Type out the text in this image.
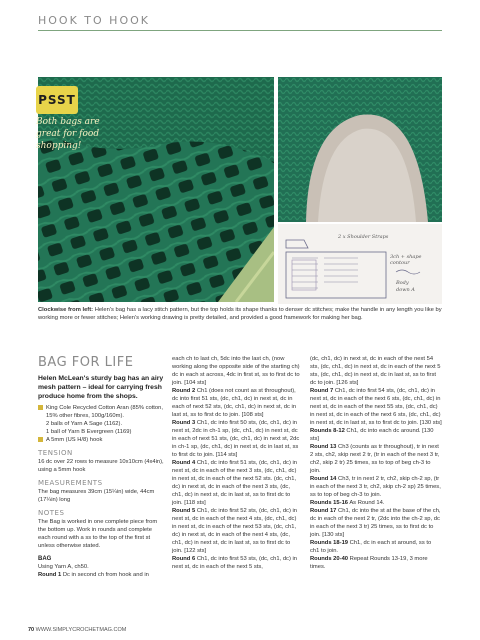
HOOK TO HOOK
PSST
Both bags are great for food shopping!
2 x Shoulder Straps
3ch + shape contour
Body
down A
Clockwise from left: Helen's bag has a lacy stitch pattern, but the top holds its shape thanks to denser dc stitches; make the handle in any length you like by working more or fewer stitches; Helen's working drawing is pretty detailed, and provided a good framework for making her bag.
BAG FOR LIFE
Helen McLean's sturdy bag has an airy mesh pattern – ideal for carrying fresh produce home from the shops.
King Cole Recycled Cotton Aran (85% cotton, 15% other fibres, 100g/160m).
2 balls of Yarn A Sage (1162).
1 ball of Yarn B Evergreen (1169)
A 5mm (US H/8) hook
TENSION
16 dc over 22 rows to measure 10x10cm (4x4in), using a 5mm hook
MEASUREMENTS
The bag measures 39cm (15¼in) wide, 44cm (17¼in) long
NOTES
The Bag is worked in one complete piece from the bottom up. Work in rounds and complete each round with a ss to the top of the first st unless otherwise stated.
BAG
Using Yarn A, ch50.
Round 1 Dc in second ch from hook and in
each ch to last ch, 5dc into the last ch, (now working along the opposite side of the starting ch) dc in each st across, 4dc in first st, ss to first dc to join. [104 sts]
Round 2 Ch1 (does not count as st throughout), dc into first 51 sts, (dc, ch1, dc) in next st, dc in each of next 52 sts, (dc, ch1, dc) in next st, dc in last st, ss to first dc to join. [108 sts]
Round 3 Ch1, dc into first 50 sts, (dc, ch1, dc) in next st, 2dc in ch-1 sp, (dc, ch1, dc) in next st, dc in each of next 51 sts, (dc, ch1, dc) in next st, 2dc in ch-1 sp, (dc, ch1, dc) in next st, dc in last st, ss to first dc to join. [114 sts]
Round 4 Ch1, dc into first 51 sts, (dc, ch1, dc) in next st, dc in each of the next 3 sts, (dc, ch1, dc) in next st, dc in each of the next 52 sts. (dc, ch1, dc) in next st, dc in each of the next 3 sts, (dc, ch1, dc) in next st, dc in last st, ss to first dc to join. [118 sts]
Round 5 Ch1, dc into first 52 sts, (dc, ch1, dc) in next st, dc in each of the next 4 sts, (dc, ch1, dc) in next st, dc in each of the next 53 sts, (dc, ch1, dc) in next st, dc in each of the next 4 sts, (dc, ch1, dc) in next st, dc in last st, ss to first dc to join. [122 sts]
Round 6 Ch1, dc into first 53 sts, (dc, ch1, dc) in next st, dc in each of the next 5 sts,
(dc, ch1, dc) in next st, dc in each of the next 54 sts, (dc, ch1, dc) in next st, dc in each of the next 5 sts, (dc, ch1, dc) in next st, dc in last st, ss to first dc to join. [126 sts]
Round 7 Ch1, dc into first 54 sts, (dc, ch1, dc) in next st, dc in each of the next 6 sts, (dc, ch1, dc) in next st, dc in each of the next 55 sts, (dc, ch1, dc) in next st, dc in each of the next 6 sts, (dc, ch1, dc) in next st, dc in last st, ss to first dc to join. [130 sts]
Rounds 8-12 Ch1, dc into each dc around. [130 sts]
Round 13 Ch3 (counts as tr throughout), tr in next 2 sts, ch2, skip next 2 tr, (tr in each of the next 3 tr, ch2, skip 2 tr) 25 times, ss to top of beg ch-3 to join.
Round 14 Ch3, tr in next 2 tr, ch2, skip ch-2 sp, (tr in each of the next 3 tr, ch2, skip ch-2 sp) 25 times, ss to top of beg ch-3 to join.
Rounds 15-16 As Round 14.
Round 17 Ch1, dc into the st at the base of the ch, dc in each of the next 2 tr, (2dc into the ch-2 sp, dc in each of the next 3 tr) 25 times, ss to first dc to join. [130 sts]
Rounds 18-19 Ch1, dc in each st around, ss to ch1 to join.
Rounds 20-40 Repeat Rounds 13-19, 3 more times.
70 WWW.SIMPLYCROCHETMAG.COM
